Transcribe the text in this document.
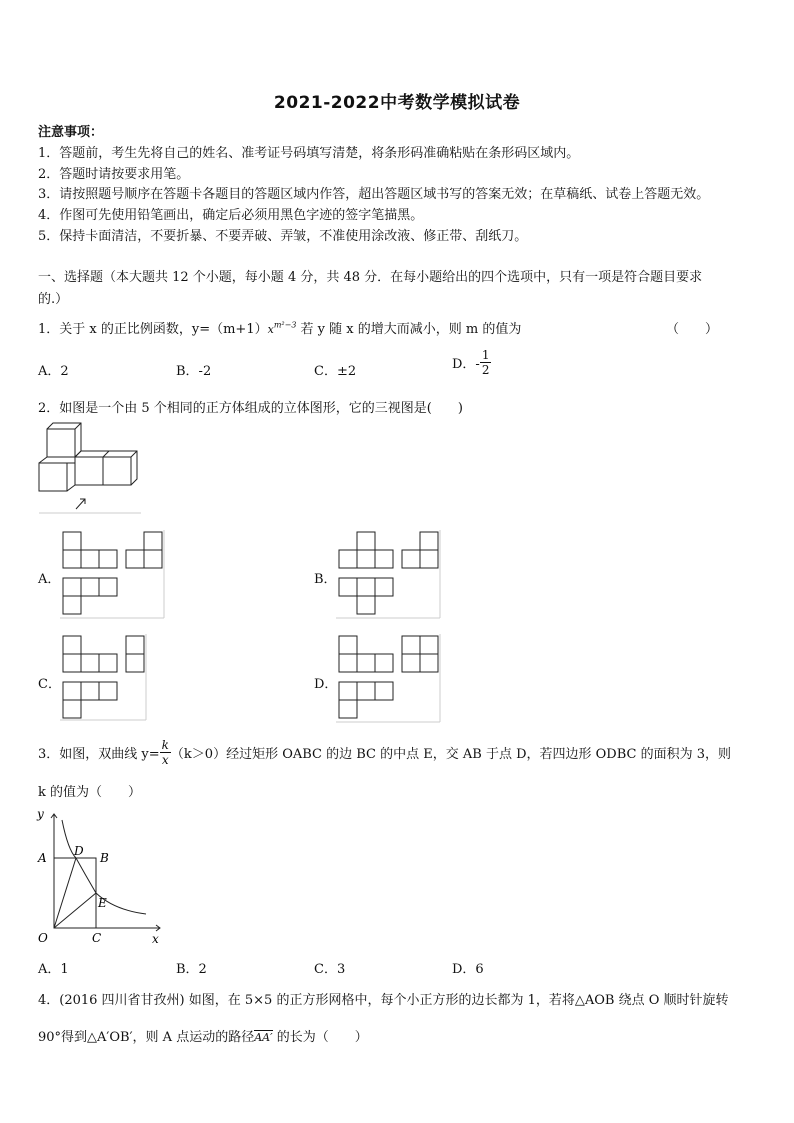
2021-2022中考数学模拟试卷
注意事项：
1．答题前，考生先将自己的姓名、准考证号码填写清楚，将条形码准确粘贴在条形码区域内。
2．答题时请按要求用笔。
3．请按照题号顺序在答题卡各题目的答题区域内作答，超出答题区域书写的答案无效；在草稿纸、试卷上答题无效。
4．作图可先使用铅笔画出，确定后必须用黑色字迹的签字笔描黑。
5．保持卡面清洁，不要折暴、不要弄破、弄皱，不准使用涂改液、修正带、刮纸刀。
一、选择题（本大题共 12 个小题，每小题 4 分，共 48 分．在每小题给出的四个选项中，只有一项是符合题目要求
的.）
1．关于 x 的正比例函数，$y=(m+1)x^{m^2-3}$ 若 y 随 x 的增大而减小，则 m 的值为	（　　）
A．2	B．-2	C．±2	D．- $\frac{1}{2}$
2．如图是一个由 5 个相同的正方体组成的立体图形，它的三视图是(　　)
A．	B．
C．	D．
3．如图，双曲线 $y= \frac{k}{x} (k>0)$经过矩形 OABC 的边 BC 的中点 E，交 AB 于点 D，若四边形 ODBC 的面积为 3，则
k 的值为（　　）
y
x
A	B
D
E
O	C
A．1	B．2	C．3	D．6
4．(2016 四川省甘孜州) 如图，在 5×5 的正方形网格中，每个小正方形的边长都为 1，若将△AOB 绕点 O 顺时针旋转
90°得到△A′OB′，则 A 点运动的路径AA′ 的长为（　　）
